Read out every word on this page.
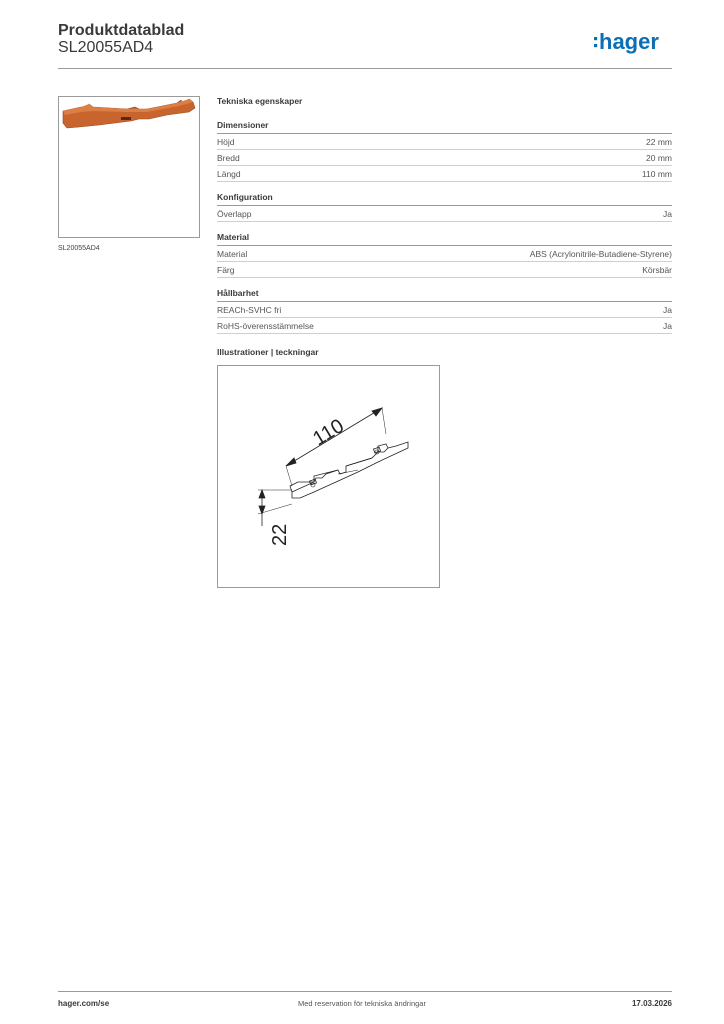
Produktdatablad
SL20055AD4	hager
SL20055AD4
Tekniska egenskaper
Dimensioner
Höjd	22 mm
Bredd	20 mm
Längd	110 mm
Konfiguration
Överlapp	Ja
Material
Material	ABS (Acrylonitrile-Butadiene-Styrene)
Färg	Körsbär
Hållbarhet
REACh-SVHC fri	Ja
RoHS-överensstämmelse	Ja
Illustrationer | teckningar
110
22
hager.com/se	Med reservation för tekniska ändringar	17.03.2026
